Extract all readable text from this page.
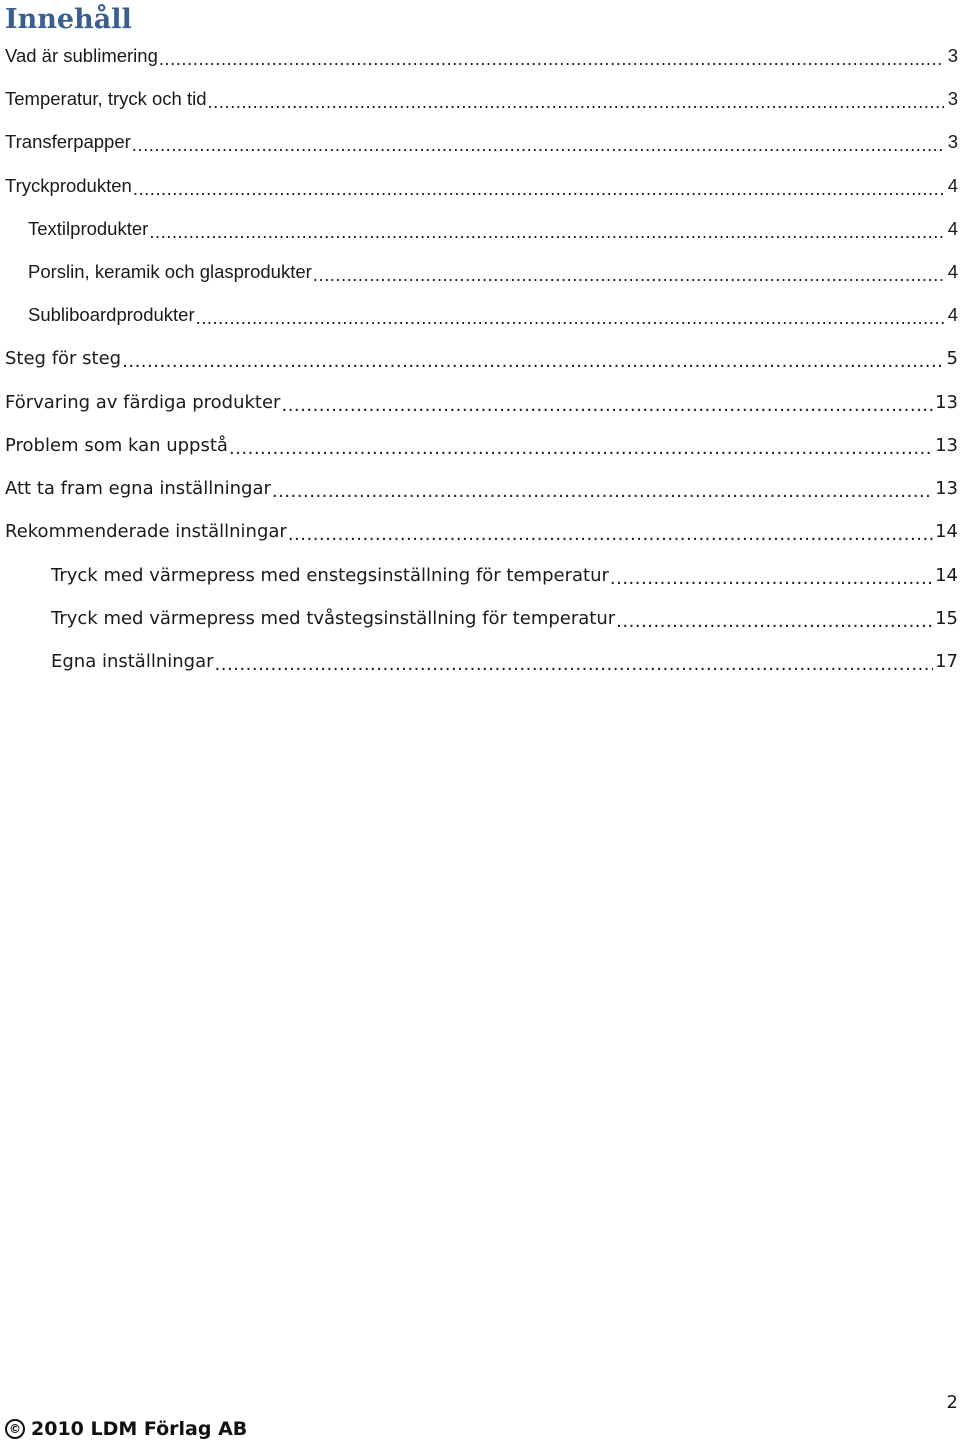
Innehåll
Vad är sublimering .....	3
Temperatur, tryck och tid .....	3
Transferpapper .....	3
Tryckprodukten .....	4
Textilprodukter .....	4
Porslin, keramik och glasprodukter .....	4
Subliboardprodukter .....	4
Steg för steg .....	5
Förvaring av färdiga produkter .....	13
Problem som kan uppstå .....	13
Att ta fram egna inställningar .....	13
Rekommenderade inställningar .....	14
Tryck med värmepress med enstegsinställning för temperatur .....	14
Tryck med värmepress med tvåstegsinställning för temperatur .....	15
Egna inställningar .....	17
2
© 2010 LDM Förlag AB
